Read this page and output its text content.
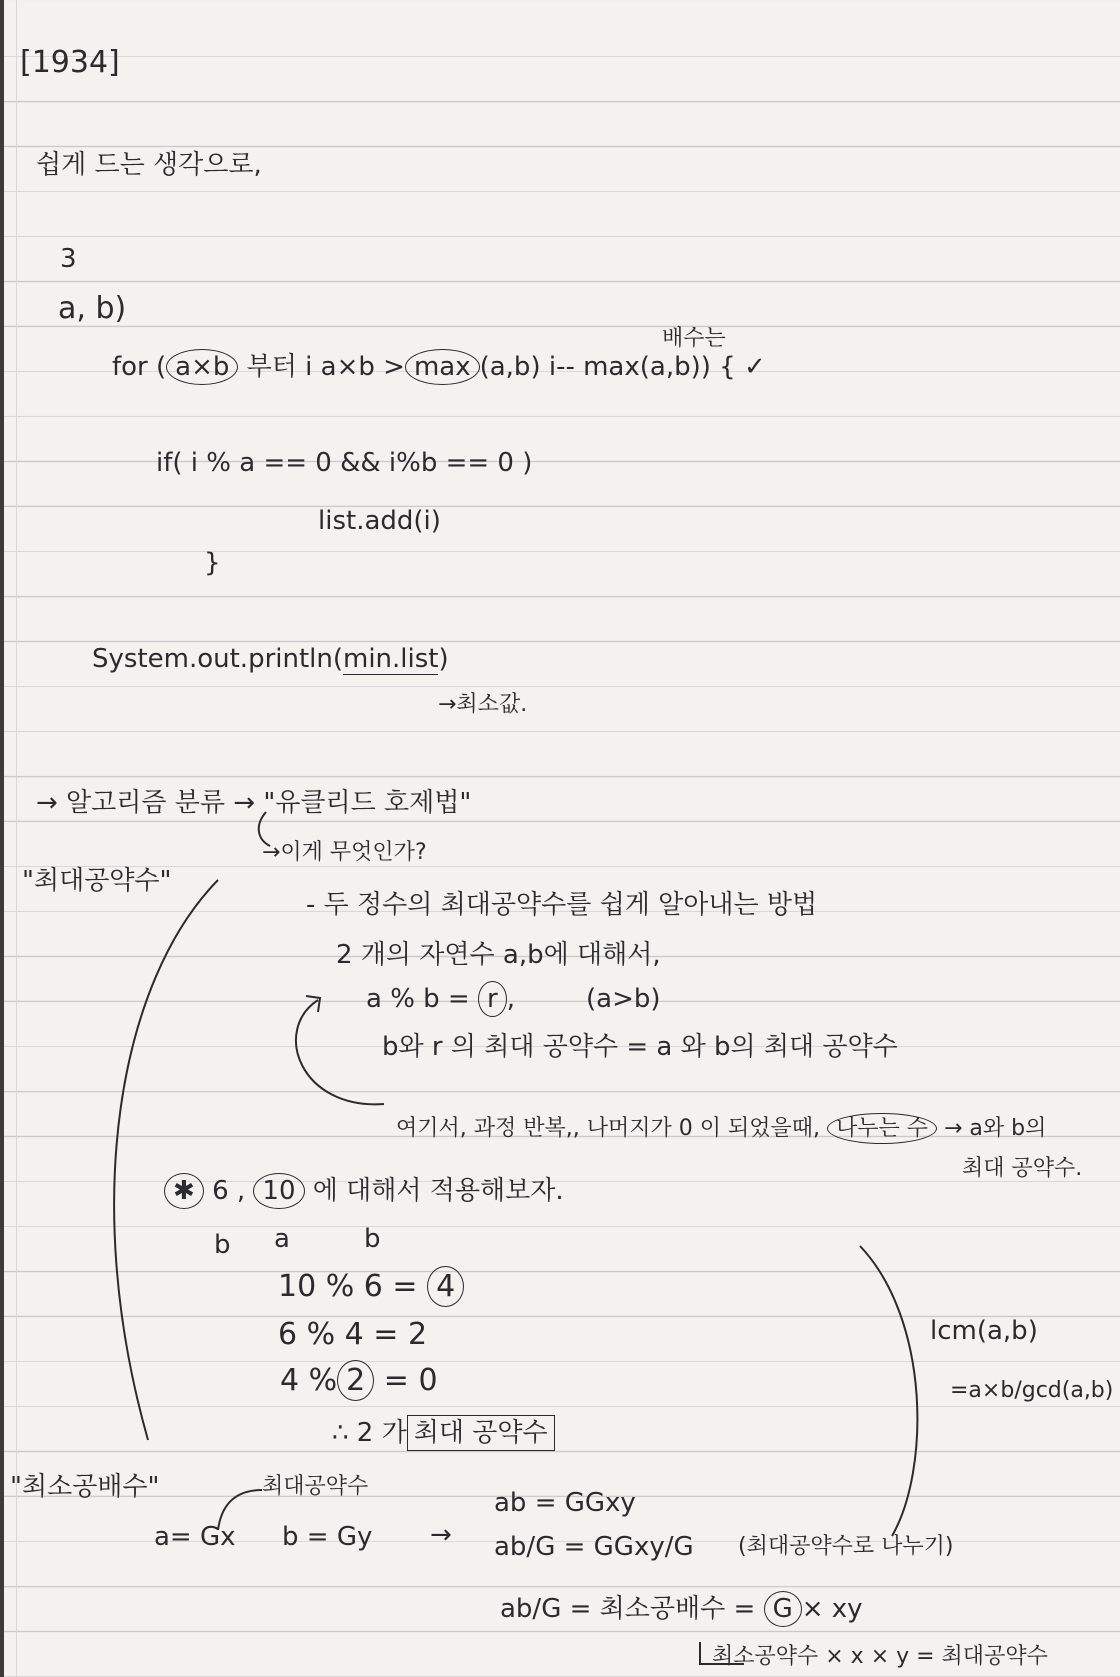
[1934]
쉽게 드는 생각으로,
3
a, b)
for ( a×b 부터 i a×b > max (a,b) i-- max(a,b)) { ✓
배수는
if( i % a == 0 && i%b == 0 )
list.add(i)
}
System.out.println(min.list)
→최소값.
→ 알고리즘 분류 → "유클리드 호제법"
→이게 무엇인가?
"최대공약수"
- 두 정수의 최대공약수를 쉽게 알아내는 방법
2 개의 자연수 a,b에 대해서,
a % b = r ,	(a>b)
b와 r 의 최대 공약수 = a 와 b의 최대 공약수
여기서, 과정 반복,, 나머지가 0 이 되었을때, 나누는 수 → a와 b의
최대 공약수.
✱ 6 , 10 에 대해서 적용해보자.
b a	b
10 % 6 = 4
6 % 4 = 2
4 % 2 = 0
∴ 2 가 최대 공약수
lcm(a,b)
=a×b/gcd(a,b)
"최소공배수"	최대공약수
a= Gx b = Gy →
ab = GGxy
ab/G = GGxy/G (최대공약수로 나누기)
ab/G = 최소공배수 = G × xy
최소공약수 × x × y = 최대공약수
